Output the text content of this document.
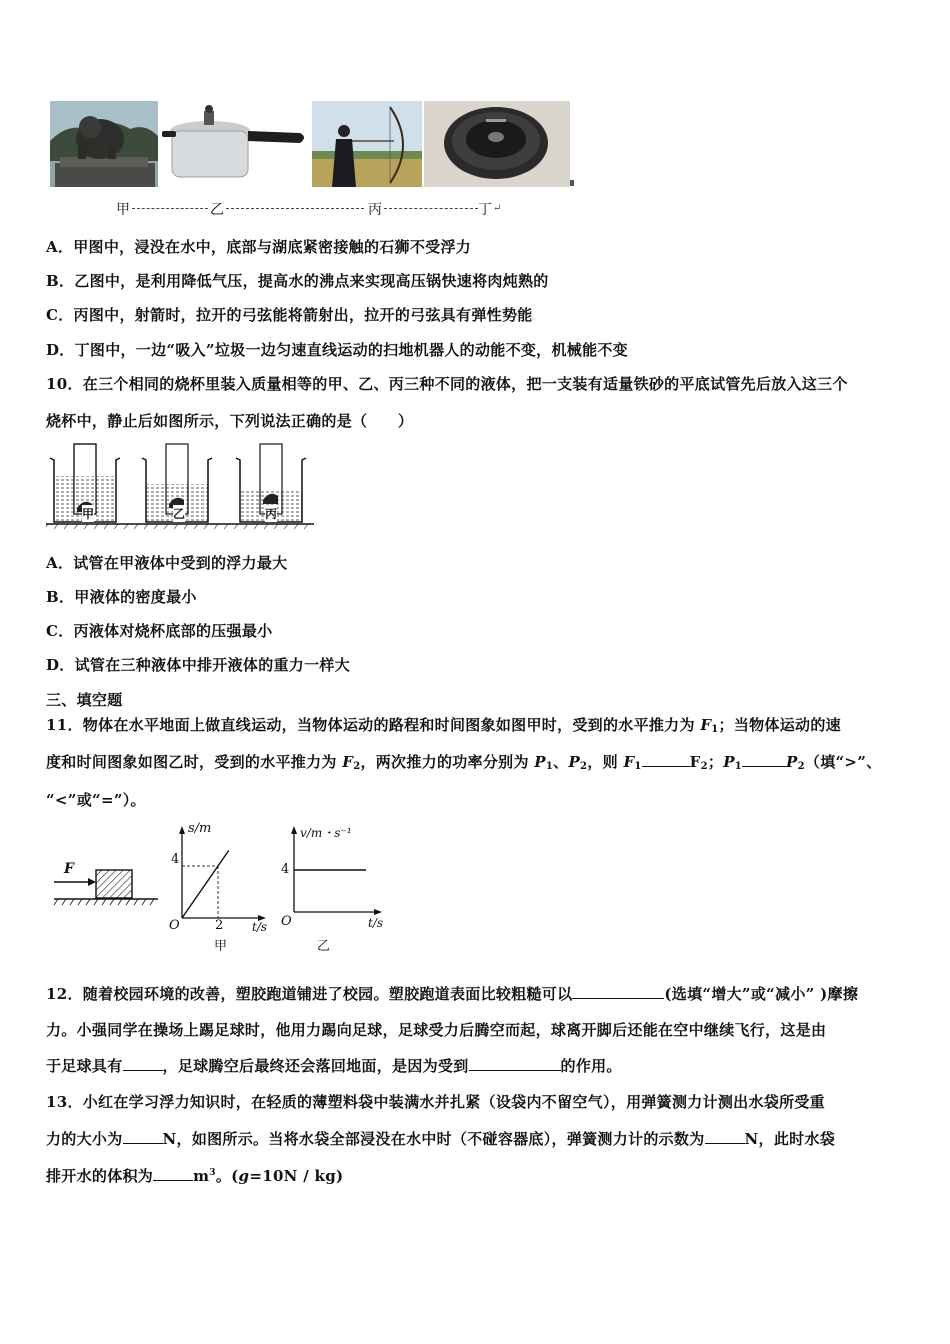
甲	乙	丙	丁 ↵
A．甲图中，浸没在水中，底部与湖底紧密接触的石狮不受浮力
B．乙图中，是利用降低气压，提高水的沸点来实现高压锅快速将肉炖熟的
C．丙图中，射箭时，拉开的弓弦能将箭射出，拉开的弓弦具有弹性势能
D．丁图中，一边“吸入”垃圾一边匀速直线运动的扫地机器人的动能不变，机械能不变
10．在三个相同的烧杯里装入质量相等的甲、乙、丙三种不同的液体，把一支装有适量铁砂的平底试管先后放入这三个
烧杯中，静止后如图所示，下列说法正确的是（　　）
甲	乙	丙
A．试管在甲液体中受到的浮力最大
B．甲液体的密度最小
C．丙液体对烧杯底部的压强最小
D．试管在三种液体中排开液体的重力一样大
三、填空题
11．物体在水平地面上做直线运动，当物体运动的路程和时间图象如图甲时，受到的水平推力为 $F_1$；当物体运动的速
度和时间图象如图乙时，受到的水平推力为 $F_2$，两次推力的功率分别为 $P_1$、$P_2$，则 $F_1$	$F_2$；$P_1$	$P_2$（填“>”、
“<”或“=”）。
F
s/m
4
O	2 t/s
甲
v/m・s⁻¹
4
O	t/s
乙
12．随着校园环境的改善，塑胶跑道铺进了校园。塑胶跑道表面比较粗糙可以	(选填“增大”或“减小” )摩擦
力。小强同学在操场上踢足球时，他用力踢向足球，足球受力后腾空而起，球离开脚后还能在空中继续飞行，这是由
于足球具有	，足球腾空后最终还会落回地面，是因为受到	的作用。
13．小红在学习浮力知识时，在轻质的薄塑料袋中装满水并扎紧（设袋内不留空气），用弹簧测力计测出水袋所受重
力的大小为	N，如图所示。当将水袋全部浸没在水中时（不碰容器底），弹簧测力计的示数为	N，此时水袋
排开水的体积为	$m^3$。(g=10N / kg)
